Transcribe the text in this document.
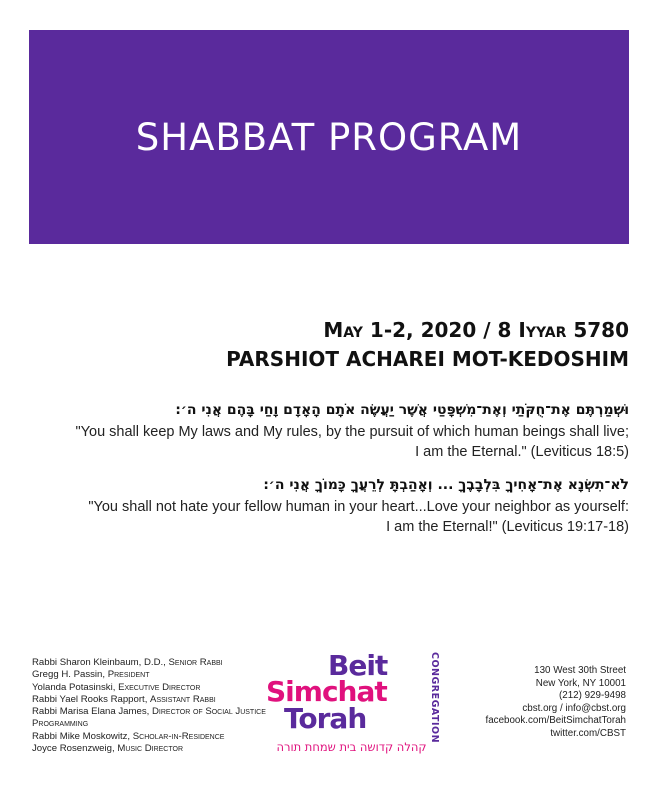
SHABBAT PROGRAM
May 1-2, 2020 / 8 Iyyar 5780
PARSHIOT ACHAREI MOT-KEDOSHIM
וּשְׁמַרְתֶּם אֶת־חֻקֹּתַי וְאֶת־מִשְׁפָּטַי אֲשֶׁר יַעֲשֶׂה אֹתָם הָאָדָם וָחַי בָּהֶם אֲנִי ה׳׃
"You shall keep My laws and My rules, by the pursuit of which human beings shall live;
I am the Eternal." (Leviticus 18:5)
לֹא־תִשְׂנָא אֶת־אָחִיךָ בִּלְבָבֶךָ ... וְאָהַבְתָּ לְרֵעֲךָ כָּמוֹךָ אֲנִי ה׳׃
"You shall not hate your fellow human in your heart...Love your neighbor as yourself:
I am the Eternal!" (Leviticus 19:17-18)
Rabbi Sharon Kleinbaum, D.D., Senior Rabbi
Gregg H. Passin, President
Yolanda Potasinski, Executive Director
Rabbi Yael Rooks Rapport, Assistant Rabbi
Rabbi Marisa Elana James, Director of Social Justice Programming
Rabbi Mike Moskowitz, Scholar-in-Residence
Joyce Rosenzweig, Music Director
Beit
Simchat
Torah	CONGREGATION
קהלה קדושה בית שמחת תורה
130 West 30th Street
New York, NY 10001
(212) 929-9498
cbst.org / info@cbst.org
facebook.com/BeitSimchatTorah
twitter.com/CBST
